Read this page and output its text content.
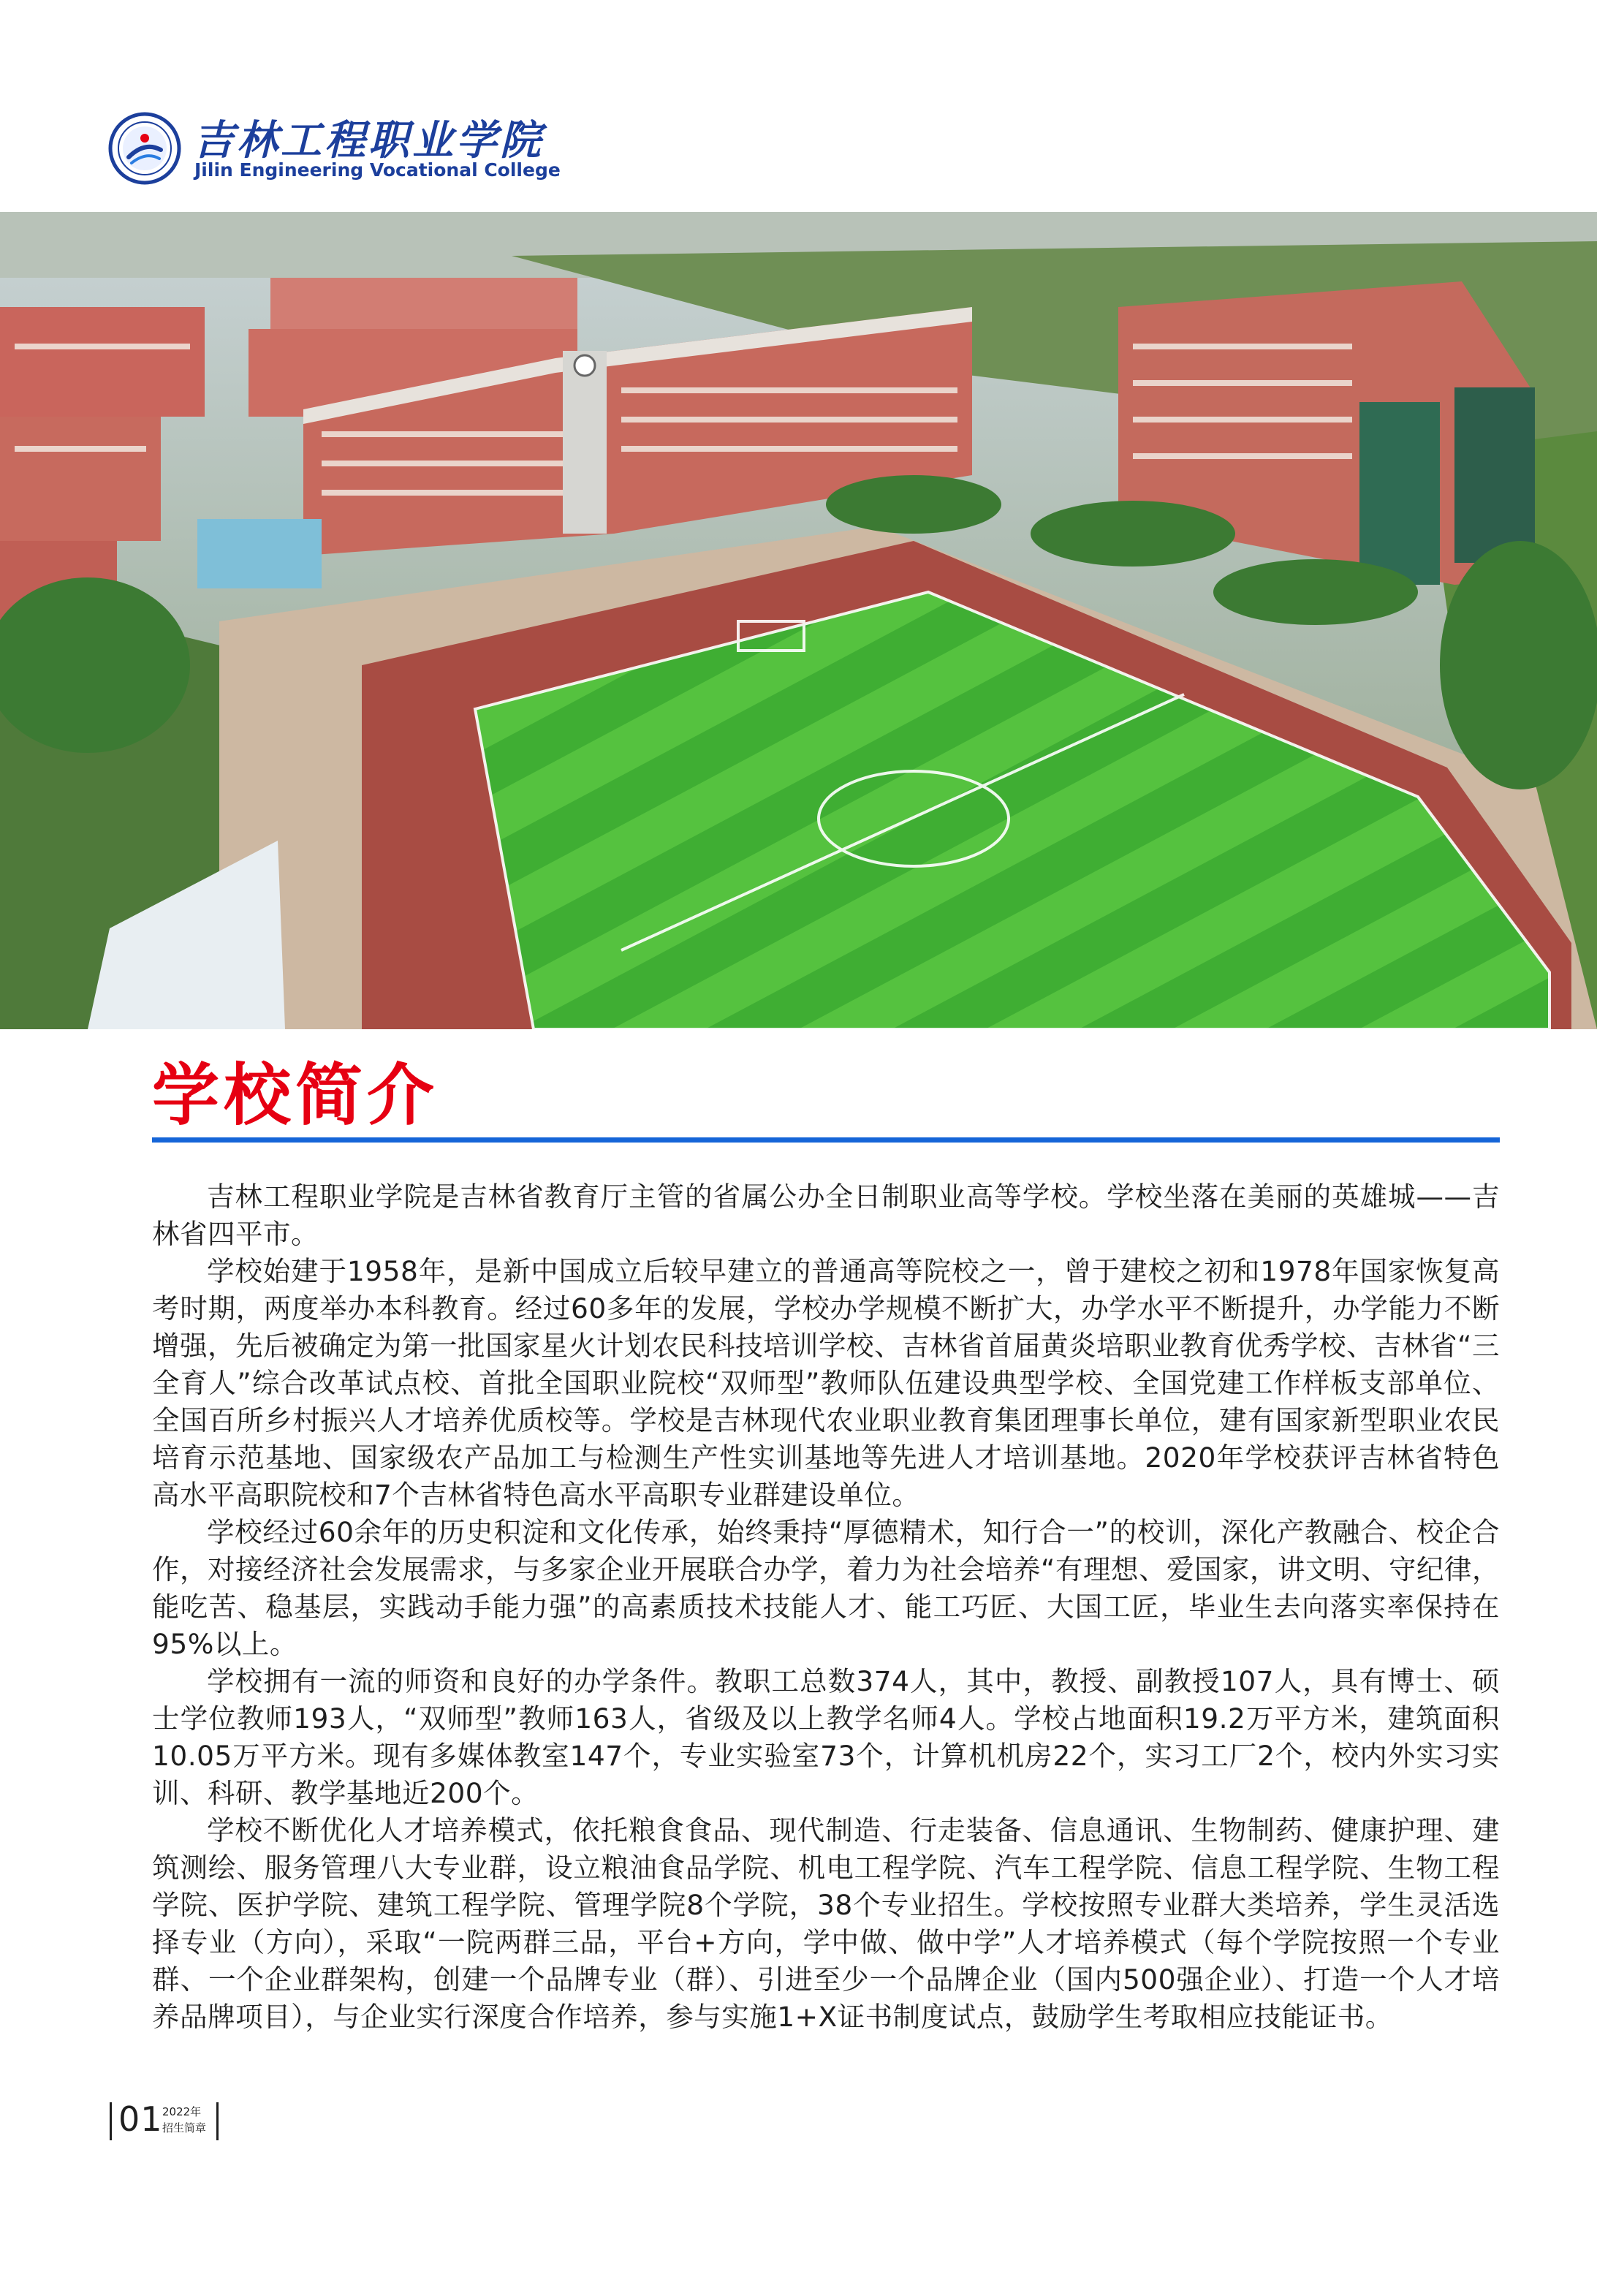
吉林工程职业学院
Jilin Engineering Vocational College
学校简介

吉林工程职业学院是吉林省教育厅主管的省属公办全日制职业高等学校。学校坐落在美丽的英雄城——吉林省四平市。

学校始建于1958年，是新中国成立后较早建立的普通高等院校之一，曾于建校之初和1978年国家恢复高考时期，两度举办本科教育。经过60多年的发展，学校办学规模不断扩大，办学水平不断提升，办学能力不断增强，先后被确定为第一批国家星火计划农民科技培训学校、吉林省首届黄炎培职业教育优秀学校、吉林省“三全育人”综合改革试点校、首批全国职业院校“双师型”教师队伍建设典型学校、全国党建工作样板支部单位、全国百所乡村振兴人才培养优质校等。学校是吉林现代农业职业教育集团理事长单位，建有国家新型职业农民培育示范基地、国家级农产品加工与检测生产性实训基地等先进人才培训基地。2020年学校获评吉林省特色高水平高职院校和7个吉林省特色高水平高职专业群建设单位。

学校经过60余年的历史积淀和文化传承，始终秉持“厚德精术，知行合一”的校训，深化产教融合、校企合作，对接经济社会发展需求，与多家企业开展联合办学，着力为社会培养“有理想、爱国家，讲文明、守纪律，能吃苦、稳基层，实践动手能力强”的高素质技术技能人才、能工巧匠、大国工匠，毕业生去向落实率保持在95%以上。

学校拥有一流的师资和良好的办学条件。教职工总数374人，其中，教授、副教授107人，具有博士、硕士学位教师193人，“双师型”教师163人，省级及以上教学名师4人。学校占地面积19.2万平方米，建筑面积10.05万平方米。现有多媒体教室147个，专业实验室73个，计算机机房22个，实习工厂2个，校内外实习实训、科研、教学基地近200个。

学校不断优化人才培养模式，依托粮食食品、现代制造、行走装备、信息通讯、生物制药、健康护理、建筑测绘、服务管理八大专业群，设立粮油食品学院、机电工程学院、汽车工程学院、信息工程学院、生物工程学院、医护学院、建筑工程学院、管理学院8个学院，38个专业招生。学校按照专业群大类培养，学生灵活选择专业（方向），采取“一院两群三品，平台+方向，学中做、做中学”人才培养模式（每个学院按照一个专业群、一个企业群架构，创建一个品牌专业（群）、引进至少一个品牌企业（国内500强企业）、打造一个人才培养品牌项目），与企业实行深度合作培养，参与实施1+X证书制度试点，鼓励学生考取相应技能证书。

01 2022年
招生简章
